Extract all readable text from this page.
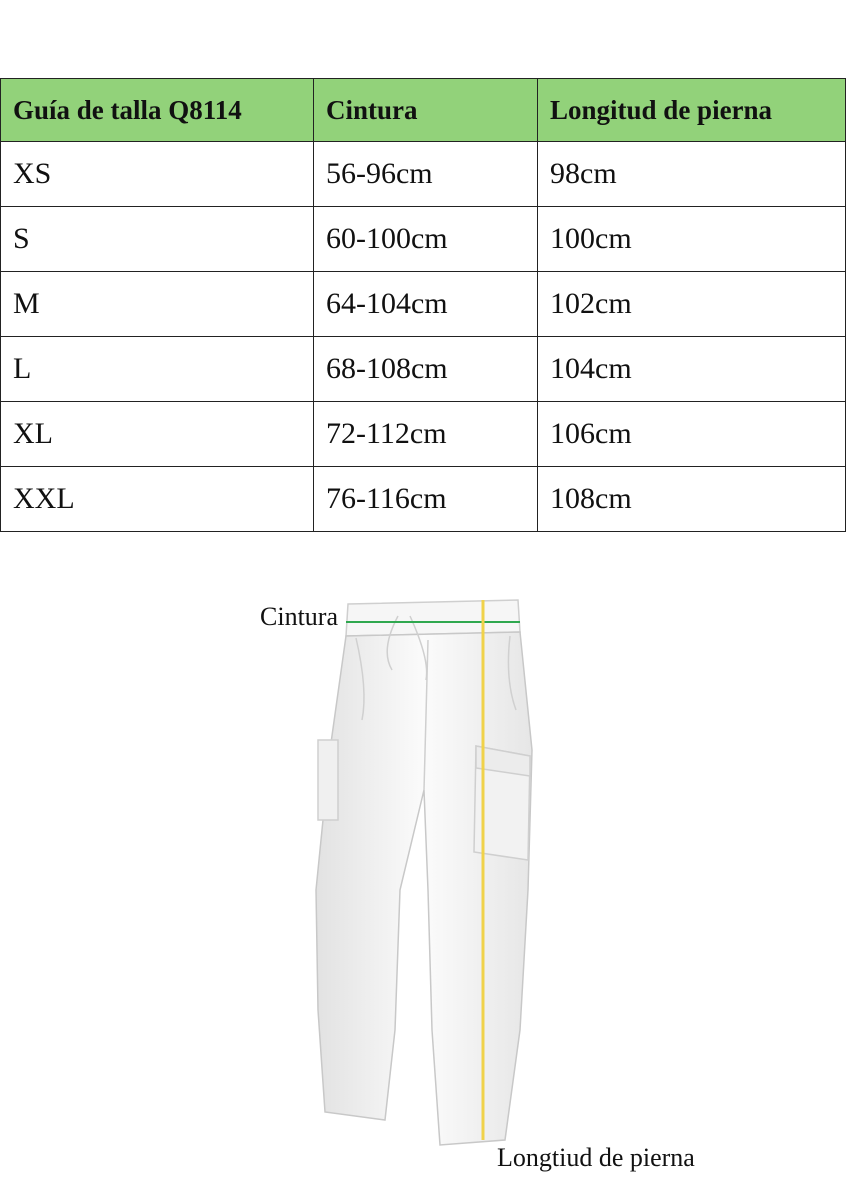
Guía de talla Q8114	Cintura	Longitud de pierna
XS	56-96cm	98cm
S	60-100cm	100cm
M	64-104cm	102cm
L	68-108cm	104cm
XL	72-112cm	106cm
XXL	76-116cm	108cm
Cintura
Longtiud de pierna
